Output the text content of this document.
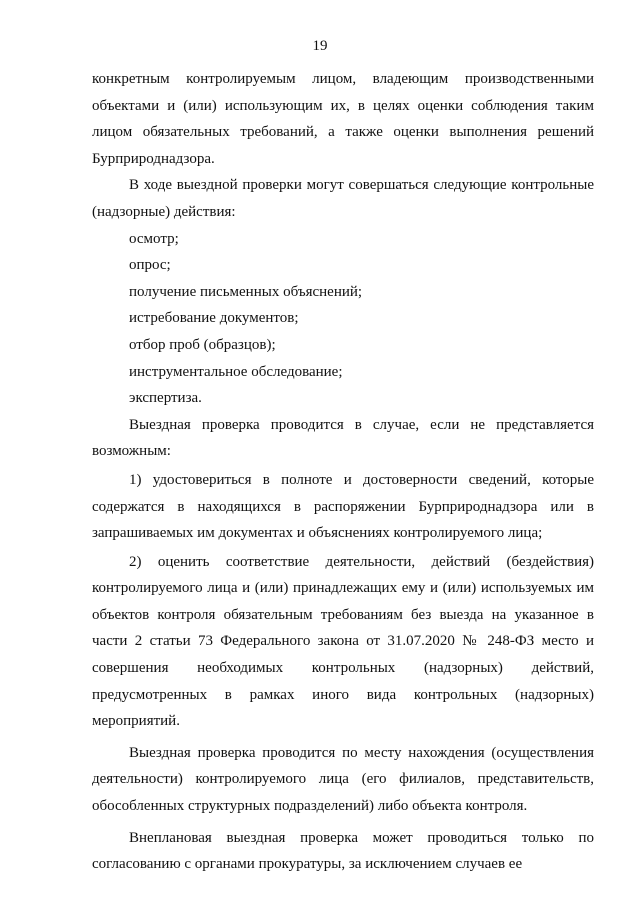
19

конкретным контролируемым лицом, владеющим производственными объектами и (или) использующим их, в целях оценки соблюдения таким лицом обязательных требований, а также оценки выполнения решений Бурприроднадзора.

В ходе выездной проверки могут совершаться следующие контрольные (надзорные) действия:

осмотр;

опрос;

получение письменных объяснений;

истребование документов;

отбор проб (образцов);

инструментальное обследование;

экспертиза.

Выездная проверка проводится в случае, если не представляется возможным:

1) удостовериться в полноте и достоверности сведений, которые содержатся в находящихся в распоряжении Бурприроднадзора или в запрашиваемых им документах и объяснениях контролируемого лица;

2) оценить соответствие деятельности, действий (бездействия) контролируемого лица и (или) принадлежащих ему и (или) используемых им объектов контроля обязательным требованиям без выезда на указанное в части 2 статьи 73 Федерального закона от 31.07.2020 № 248-ФЗ место и совершения необходимых контрольных (надзорных) действий, предусмотренных в рамках иного вида контрольных (надзорных) мероприятий.

Выездная проверка проводится по месту нахождения (осуществления деятельности) контролируемого лица (его филиалов, представительств, обособленных структурных подразделений) либо объекта контроля.

Внеплановая выездная проверка может проводиться только по согласованию с органами прокуратуры, за исключением случаев ее
